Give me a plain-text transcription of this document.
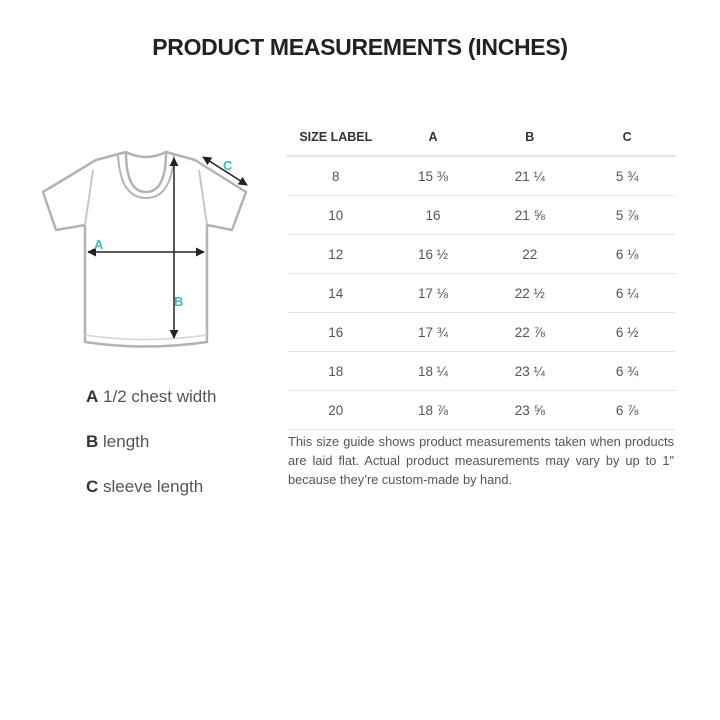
PRODUCT MEASUREMENTS (INCHES)
A
B
C
A 1/2 chest width
B length
C sleeve length
SIZE LABEL	A	B	C
8	15 ⅜	21 ¼	5 ¾
10	16	21 ⅝	5 ⅞
12	16 ½	22	6 ⅛
14	17 ⅛	22 ½	6 ¼
16	17 ¾	22 ⅞	6 ½
18	18 ¼	23 ¼	6 ¾
20	18 ⅞	23 ⅝	6 ⅞
This size guide shows product measurements taken when products are laid flat. Actual product measurements may vary by up to 1" because they’re custom-made by hand.
